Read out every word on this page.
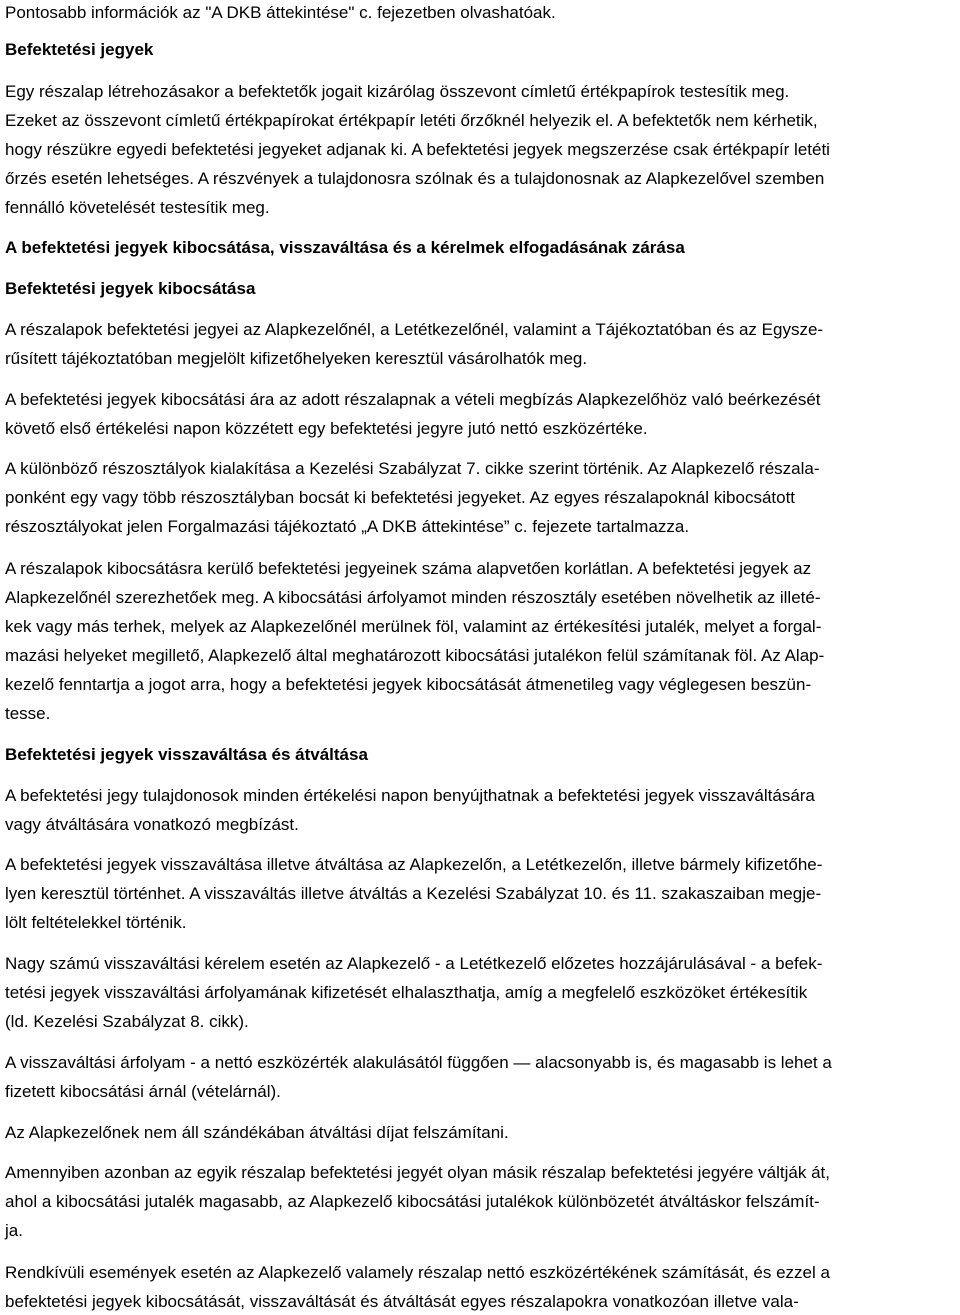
Pontosabb információk az "A DKB áttekintése" c. fejezetben olvashatóak.
Befektetési jegyek
Egy részalap létrehozásakor a befektetők jogait kizárólag összevont címletű értékpapírok testesítik meg.
Ezeket az összevont címletű értékpapírokat értékpapír letéti őrzőknél helyezik el. A befektetők nem kérhetik,
hogy részükre egyedi befektetési jegyeket adjanak ki. A befektetési jegyek megszerzése csak értékpapír letéti
őrzés esetén lehetséges. A részvények a tulajdonosra szólnak és a tulajdonosnak az Alapkezelővel szemben
fennálló követelését testesítik meg.
A befektetési jegyek kibocsátása, visszaváltása és a kérelmek elfogadásának zárása
Befektetési jegyek kibocsátása
A részalapok befektetési jegyei az Alapkezelőnél, a Letétkezelőnél, valamint a Tájékoztatóban és az Egysze-
rűsített tájékoztatóban megjelölt kifizetőhelyeken keresztül vásárolhatók meg.
A befektetési jegyek kibocsátási ára az adott részalapnak a vételi megbízás Alapkezelőhöz való beérkezését
követő első értékelési napon közzétett egy befektetési jegyre jutó nettó eszközértéke.
A különböző részosztályok kialakítása a Kezelési Szabályzat 7. cikke szerint történik. Az Alapkezelő részala-
ponként egy vagy több részosztályban bocsát ki befektetési jegyeket. Az egyes részalapoknál kibocsátott
részosztályokat jelen Forgalmazási tájékoztató „A DKB áttekintése” c. fejezete tartalmazza.
A részalapok kibocsátásra kerülő befektetési jegyeinek száma alapvetően korlátlan. A befektetési jegyek az
Alapkezelőnél szerezhetőek meg. A kibocsátási árfolyamot minden részosztály esetében növelhetik az illeté-
kek vagy más terhek, melyek az Alapkezelőnél merülnek föl, valamint az értékesítési jutalék, melyet a forgal-
mazási helyeket megillető, Alapkezelő által meghatározott kibocsátási jutalékon felül számítanak föl. Az Alap-
kezelő fenntartja a jogot arra, hogy a befektetési jegyek kibocsátását átmenetileg vagy véglegesen beszün-
tesse.
Befektetési jegyek visszaváltása és átváltása
A befektetési jegy tulajdonosok minden értékelési napon benyújthatnak a befektetési jegyek visszaváltására
vagy átváltására vonatkozó megbízást.
A befektetési jegyek visszaváltása illetve átváltása az Alapkezelőn, a Letétkezelőn, illetve bármely kifizetőhe-
lyen keresztül történhet. A visszaváltás illetve átváltás a Kezelési Szabályzat 10. és 11. szakaszaiban megje-
lölt feltételekkel történik.
Nagy számú visszaváltási kérelem esetén az Alapkezelő - a Letétkezelő előzetes hozzájárulásával - a befek-
tetési jegyek visszaváltási árfolyamának kifizetését elhalaszthatja, amíg a megfelelő eszközöket értékesítik
(ld. Kezelési Szabályzat 8. cikk).
A visszaváltási árfolyam - a nettó eszközérték alakulásától függően — alacsonyabb is, és magasabb is lehet a
fizetett kibocsátási árnál (vételárnál).
Az Alapkezelőnek nem áll szándékában átváltási díjat felszámítani.
Amennyiben azonban az egyik részalap befektetési jegyét olyan másik részalap befektetési jegyére váltják át,
ahol a kibocsátási jutalék magasabb, az Alapkezelő kibocsátási jutalékok különbözetét átváltáskor felszámít-
ja.
Rendkívüli események esetén az Alapkezelő valamely részalap nettó eszközértékének számítását, és ezzel a
befektetési jegyek kibocsátását, visszaváltását és átváltását egyes részalapokra vonatkozóan illetve vala-
